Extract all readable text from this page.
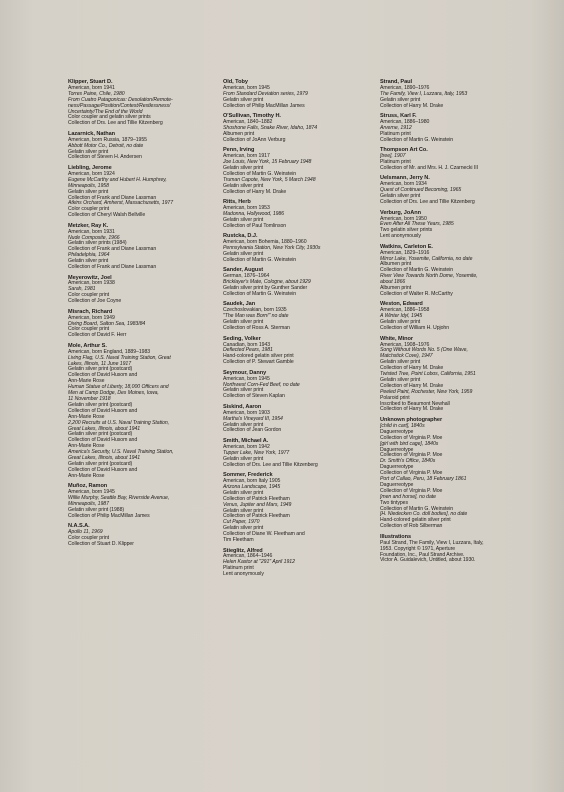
Klipper, Stuart D.
American, born 1941
Torres Paine, Chile, 1980
From Cuatro Patagonicas: Desolation/Remote-
ness/Passage/Position/Contest/Restlessness/
Uncertainty/The End of the World
Color coupler and gelatin silver prints
Collection of Drs. Lee and Tillie Kitzenberg
Lazarnick, Nathan
American, born Russia, 1879–1955
Abbott Motor Co., Detroit, no date
Gelatin silver print
Collection of Steven H. Andersen
Liebling, Jerome
American, born 1924
Eugene McCarthy and Hubert H. Humphrey,
Minneapolis, 1958
Gelatin silver print
Collection of Frank and Diane Lassman
Atkins Orchard, Amherst, Massachusetts, 1977
Color coupler print
Collection of Cheryl Walsh Bellville
Metzker, Ray K.
American, born 1931
Nude Composite, 1966
Gelatin silver prints (1984)
Collection of Frank and Diane Lassman
Philadelphia, 1964
Gelatin silver print
Collection of Frank and Diane Lassman
Meyerowitz, Joel
American, born 1938
Sarah, 1981
Color coupler print
Collection of Joe Coyne
Misrach, Richard
American, born 1949
Diving Board, Salton Sea, 1983/84
Color coupler print
Collection of David F. Herr
Mole, Arthur S.
American, born England, 1889–1983
Living Flag, U.S. Naval Training Station, Great
Lakes, Illinois, 11 June 1917
Gelatin silver print (postcard)
Collection of David Husom and
Ann-Marie Rose
Human Statue of Liberty, 18,000 Officers and
Men at Camp Dodge, Des Moines, Iowa,
11 November 1918
Gelatin silver print (postcard)
Collection of David Husom and
Ann-Marie Rose
2,200 Recruits at U.S. Naval Training Station,
Great Lakes, Illinois, about 1941
Gelatin silver print (postcard)
Collection of David Husom and
Ann-Marie Rose
America's Security, U.S. Naval Training Station,
Great Lakes, Illinois, about 1941
Gelatin silver print (postcard)
Collection of David Husom and
Ann-Marie Rose
Muñoz, Ramon
American, born 1945
Willie Murphy, Seattle Bay, Riverside Avenue,
Minneapolis, 1987
Gelatin silver print (1988)
Collection of Philip MacMillan James
N.A.S.A.
Apollo 11, 1969
Color coupler print
Collection of Stuart D. Klipper
Old, Toby
American, born 1945
From Standard Deviation series, 1979
Gelatin silver print
Collection of Philip MacMillan James
O'Sullivan, Timothy H.
American, 1840–1882
Shoshone Falls, Snake River, Idaho, 1874
Albumen print
Collection of JoAnn Verburg
Penn, Irving
American, born 1917
Joe Louis, New York, 15 February 1948
Gelatin silver print
Collection of Martin G. Weinstein
Truman Capote, New York, 5 March 1948
Gelatin silver print
Collection of Harry M. Drake
Ritts, Herb
American, born 1953
Madonna, Hollywood, 1986
Gelatin silver print
Collection of Paul Tomlinson
Rustcka, D.J.
American, born Bohemia, 1880–1960
Pennsylvania Station, New York City, 1930s
Gelatin silver print
Collection of Martin G. Weinstein
Sander, August
German, 1876–1964
Bricklayer's Mate, Cologne, about 1929
Gelatin silver print by Gunther Sander
Collection of Martin G. Weinstein
Saudek, Jan
Czechoslovakian, born 1935
"The Man was Born!" no date
Gelatin silver print
Collection of Ross A. Sterman
Seding, Volker
Canadian, born 1943
Deflected Pears, 1981
Hand-colored gelatin silver print
Collection of P. Stewart Gamble
Seymour, Danny
American, born 1945
Northwest Corn-Fed Beef, no date
Gelatin silver print
Collection of Steven Kaplan
Siskind, Aaron
American, born 1903
Martha's Vineyard III, 1954
Gelatin silver print
Collection of Jean Gordon
Smith, Michael A.
American, born 1942
Tupper Lake, New York, 1977
Gelatin silver print
Collection of Drs. Lee and Tillie Kitzenberg
Sommer, Frederick
American, born Italy 1905
Arizona Landscape, 1945
Gelatin silver print
Collection of Patrick Fleetham
Venus, Jupiter and Mars, 1949
Gelatin silver print
Collection of Patrick Fleetham
Cut Paper, 1970
Gelatin silver print
Collection of Diane W. Fleetham and
Tim Fleetham
Stieglitz, Alfred
American, 1864–1946
Helen Kastor at "291" April 1912
Platinum print
Lent anonymously
Strand, Paul
American, 1890–1976
The Family, View I, Luzzara, Italy, 1953
Gelatin silver print
Collection of Harry M. Drake
Struss, Karl F.
American, 1886–1980
Arverne, 1912
Platinum print
Collection of Martin G. Weinstein
Thompson Art Co.
[tree], 1907
Platinum print
Collection of Mr. and Mrs. H. J. Czarnecki III
Uelsmann, Jerry N.
American, born 1934
Quest of Continued Becoming, 1965
Gelatin silver print
Collection of Drs. Lee and Tillie Kitzenberg
Verburg, JoAnn
American, born 1950
Even After All These Years, 1985
Two gelatin silver prints
Lent anonymously
Watkins, Carleton E.
American, 1829–1916
Mirror Lake, Yosemite, California, no date
Albumen print
Collection of Martin G. Weinstein
River View Towards North Dome, Yosemite,
about 1866
Albumen print
Collection of Walter R. McCarthy
Weston, Edward
American, 1886–1958
A Winter Idyl, 1945
Gelatin silver print
Collection of William H. Upjohn
White, Minor
American, 1908–1976
Song Without Words No. 5 (One Wave,
Matchstick Cove), 1947
Gelatin silver print
Collection of Harry M. Drake
Twisted Tree, Point Lobos, California, 1951
Gelatin silver print
Collection of Harry M. Drake
Peeled Paint, Rochester, New York, 1959
Polaroid print
Inscribed to Beaumont Newhall
Collection of Harry M. Drake
Unknown photographer
[child in cart], 1840s
Daguerreotype
Collection of Virginia P. Moe
[girl with bird cage], 1840s
Daguerreotype
Collection of Virginia P. Moe
Dr. Smith's Office, 1840s
Daguerreotype
Collection of Virginia P. Moe
Port of Callao, Peru, 18 February 1861
Daguerreotype
Collection of Virginia P. Moe
[men and horse], no date
Two tintypes
Collection of Martin G. Weinstein
[H. Niedecken Co. doll bodies], no date
Hand-colored gelatin silver print
Collection of Rob Silberman
Illustrations
Paul Strand, The Family, View I, Luzzara, Italy,
1953. Copyright © 1971, Aperture
Foundation, Inc., Paul Strand Archive.
Victor A. Guidalevich, Untitled, about 1930.
